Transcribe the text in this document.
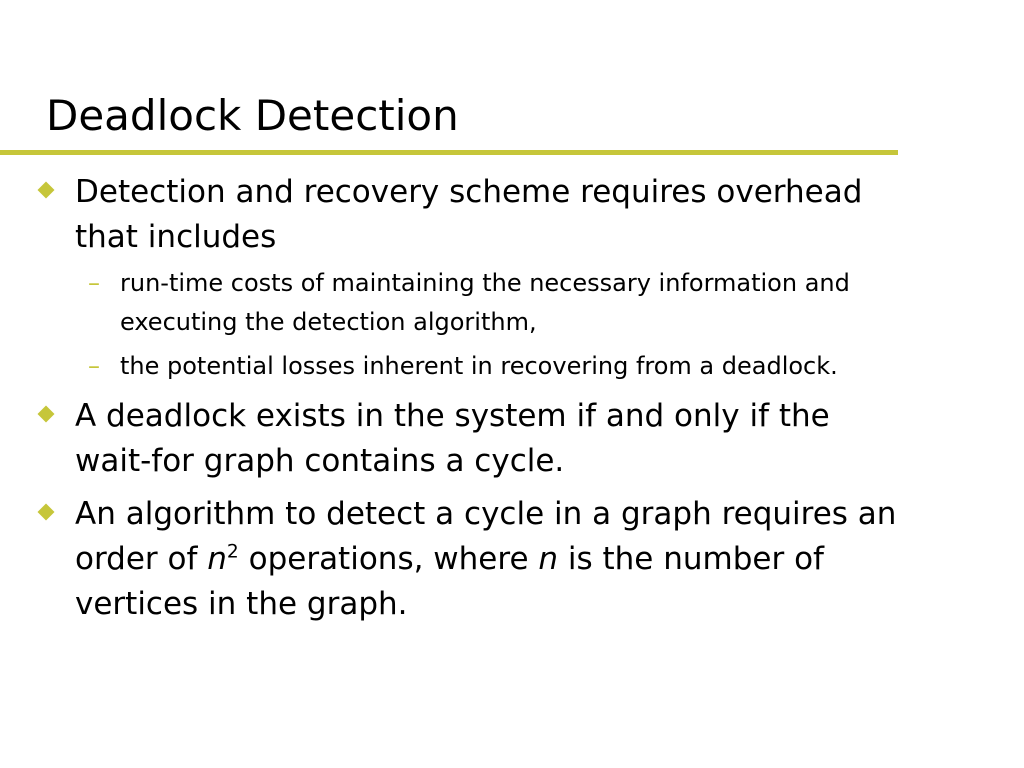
Deadlock Detection
Detection and recovery scheme requires overhead
that includes
– run-time costs of maintaining the necessary information and
executing the detection algorithm,
– the potential losses inherent in recovering from a deadlock.
A deadlock exists in the system if and only if the
wait-for graph contains a cycle.
An algorithm to detect a cycle in a graph requires an
order of $n^2$ operations, where n is the number of
vertices in the graph.
